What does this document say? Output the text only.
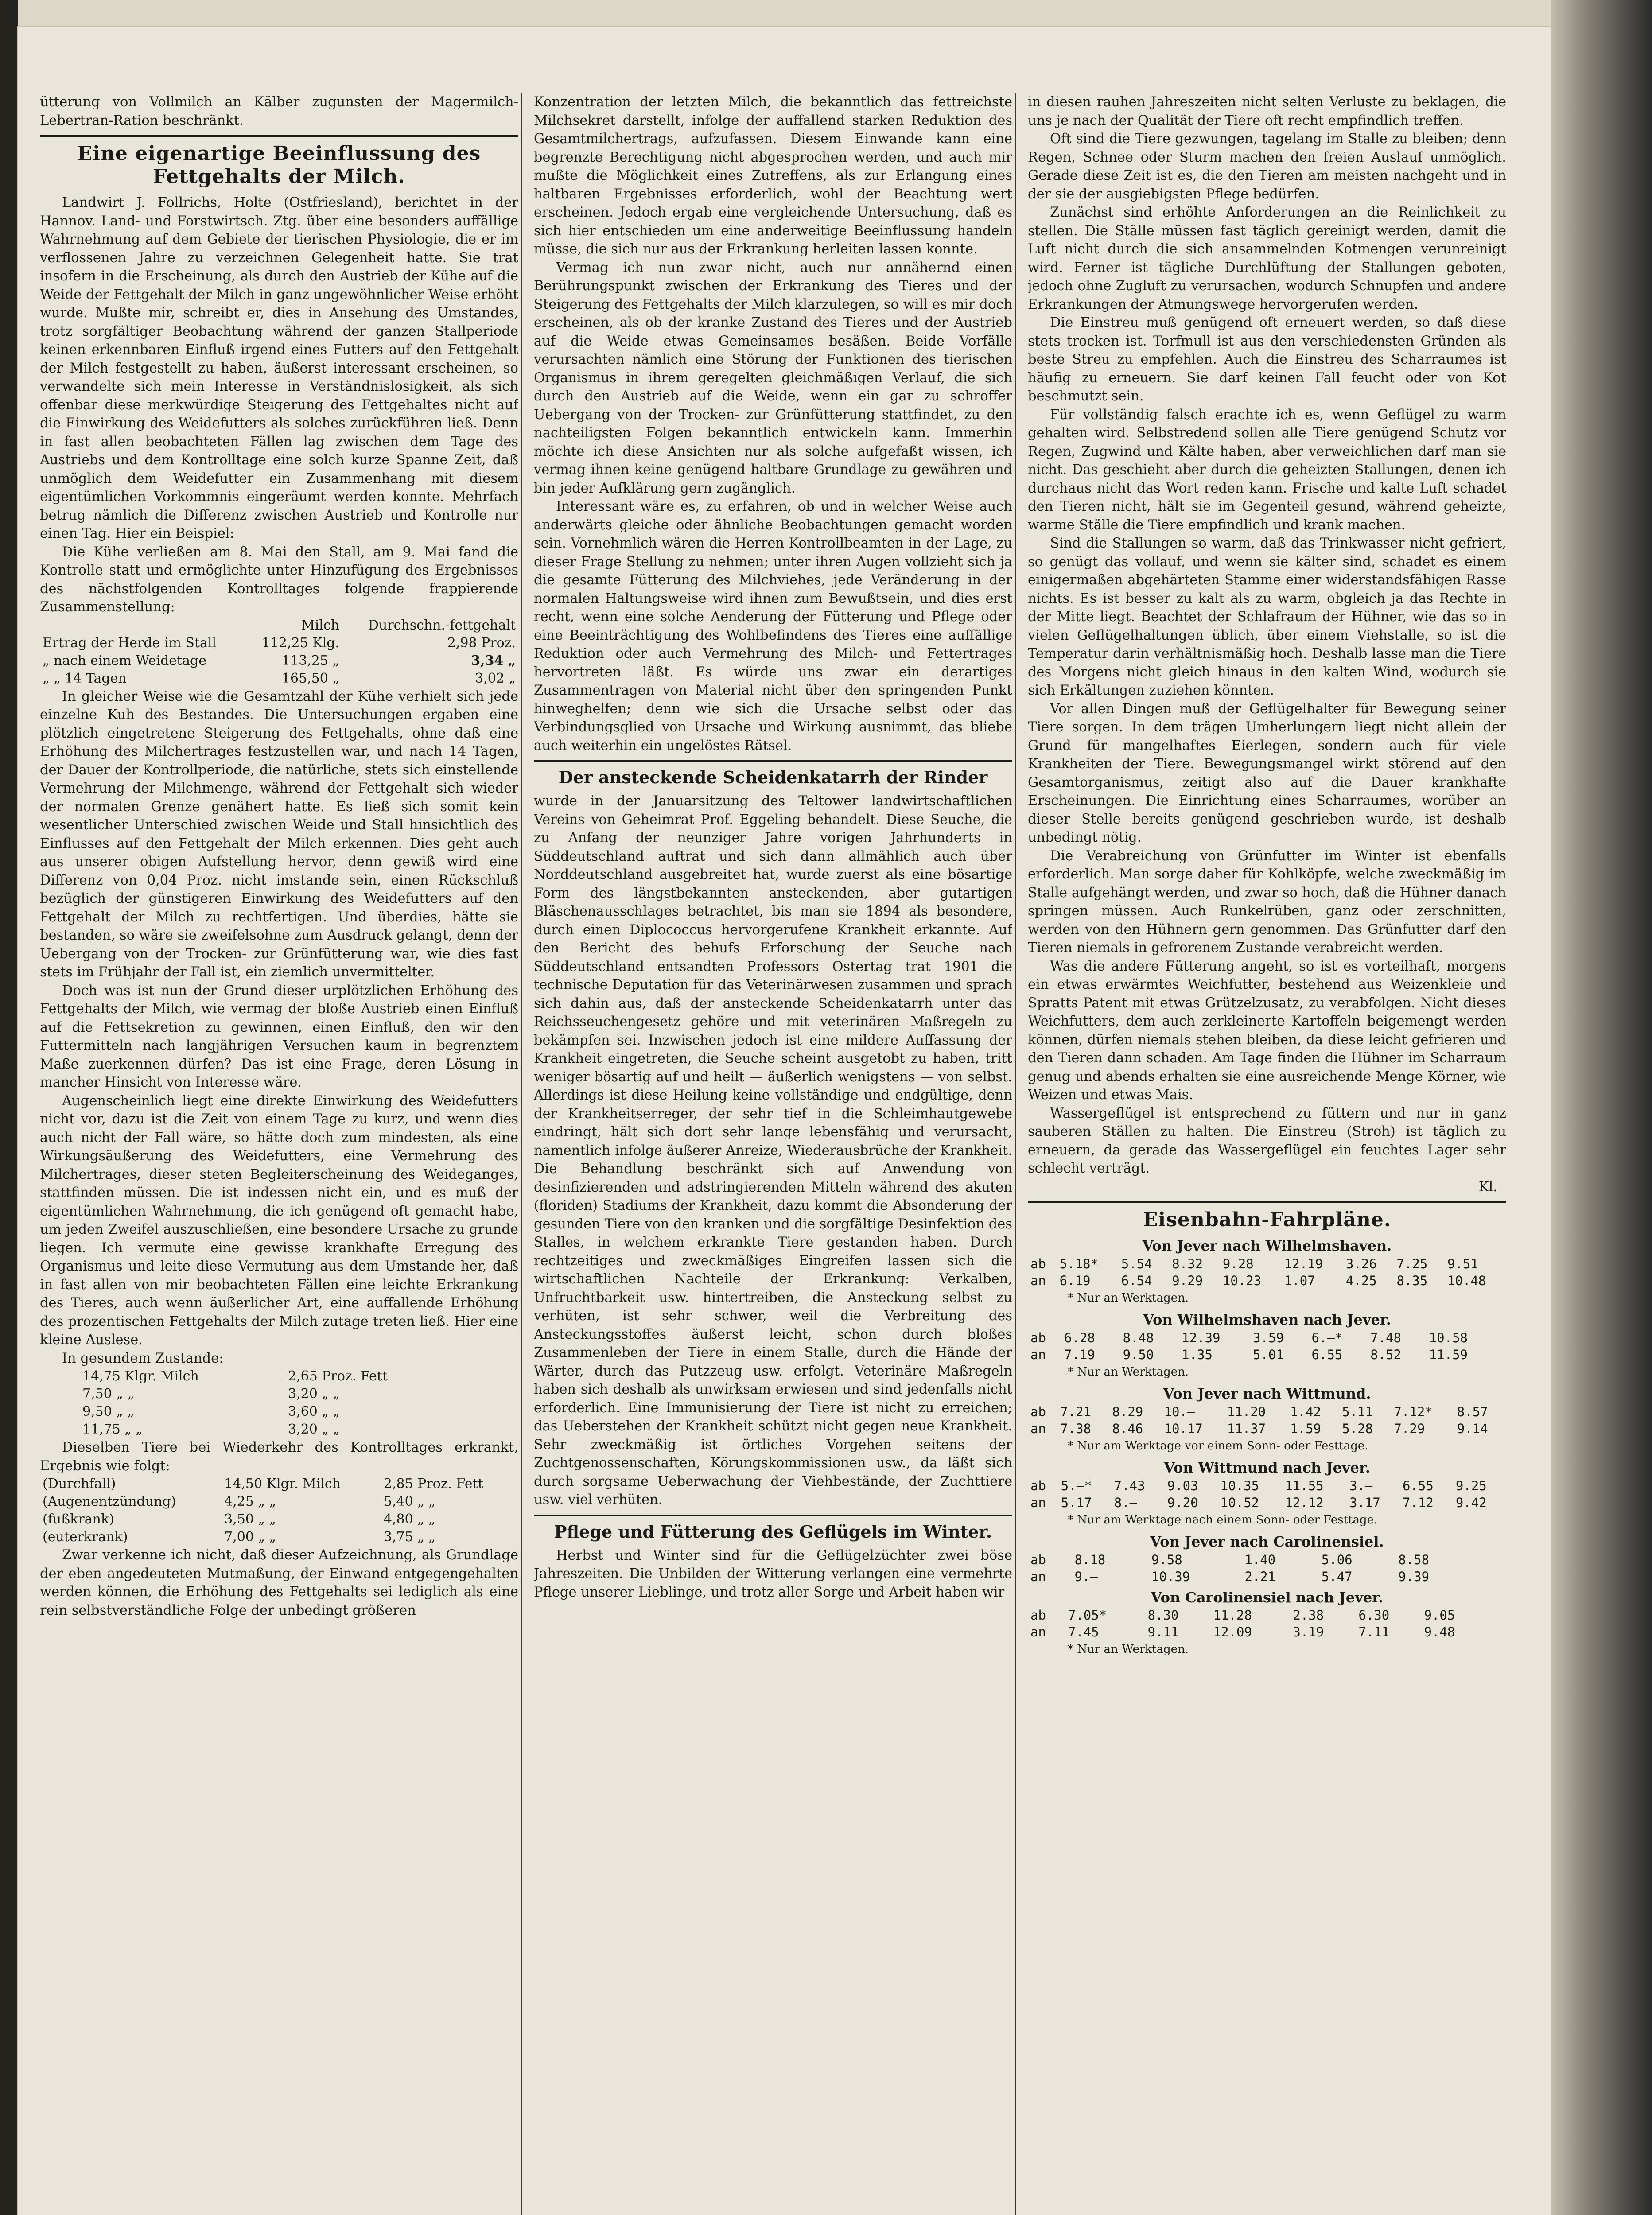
ütterung von Vollmilch an Kälber zugunsten der Magermilch-Lebertran-Ration beschränkt.

Eine eigenartige Beeinflussung des Fettgehalts der Milch.

Landwirt J. Follrichs, Holte (Ostfriesland), berichtet in der Hannov. Land- und Forstwirtsch. Ztg. über eine besonders auffällige Wahrnehmung auf dem Gebiete der tierischen Physiologie, die er im verflossenen Jahre zu verzeichnen Gelegenheit hatte. Sie trat insofern in die Erscheinung, als durch den Austrieb der Kühe auf die Weide der Fettgehalt der Milch in ganz ungewöhnlicher Weise erhöht wurde. Mußte mir, schreibt er, dies in Ansehung des Umstandes, trotz sorgfältiger Beobachtung während der ganzen Stallperiode keinen erkennbaren Einfluß irgend eines Futters auf den Fettgehalt der Milch festgestellt zu haben, äußerst interessant erscheinen, so verwandelte sich mein Interesse in Verständnislosigkeit, als sich offenbar diese merkwürdige Steigerung des Fettgehaltes nicht auf die Einwirkung des Weidefutters als solches zurückführen ließ. Denn in fast allen beobachteten Fällen lag zwischen dem Tage des Austriebs und dem Kontrolltage eine solch kurze Spanne Zeit, daß unmöglich dem Weidefutter ein Zusammenhang mit diesem eigentümlichen Vorkommnis eingeräumt werden konnte. Mehrfach betrug nämlich die Differenz zwischen Austrieb und Kontrolle nur einen Tag. Hier ein Beispiel:

Die Kühe verließen am 8. Mai den Stall, am 9. Mai fand die Kontrolle statt und ermöglichte unter Hinzufügung des Ergebnisses des nächstfolgenden Kontrolltages folgende frappierende Zusammenstellung:

	Milch	Durchschn.-fettgehalt
Ertrag der Herde im Stall	112,25 Klg.	2,98 Proz.
„ nach einem Weidetage	113,25 „	3,34 „
„ „ 14 Tagen	165,50 „	3,02 „

In gleicher Weise wie die Gesamtzahl der Kühe verhielt sich jede einzelne Kuh des Bestandes. Die Untersuchungen ergaben eine plötzlich eingetretene Steigerung des Fettgehalts, ohne daß eine Erhöhung des Milchertrages festzustellen war, und nach 14 Tagen, der Dauer der Kontrollperiode, die natürliche, stets sich einstellende Vermehrung der Milchmenge, während der Fettgehalt sich wieder der normalen Grenze genähert hatte. Es ließ sich somit kein wesentlicher Unterschied zwischen Weide und Stall hinsichtlich des Einflusses auf den Fettgehalt der Milch erkennen. Dies geht auch aus unserer obigen Aufstellung hervor, denn gewiß wird eine Differenz von 0,04 Proz. nicht imstande sein, einen Rückschluß bezüglich der günstigeren Einwirkung des Weidefutters auf den Fettgehalt der Milch zu rechtfertigen. Und überdies, hätte sie bestanden, so wäre sie zweifelsohne zum Ausdruck gelangt, denn der Uebergang von der Trocken- zur Grünfütterung war, wie dies fast stets im Frühjahr der Fall ist, ein ziemlich unvermittelter.

Doch was ist nun der Grund dieser urplötzlichen Erhöhung des Fettgehalts der Milch, wie vermag der bloße Austrieb einen Einfluß auf die Fettsekretion zu gewinnen, einen Einfluß, den wir den Futtermitteln nach langjährigen Versuchen kaum in begrenztem Maße zuerkennen dürfen? Das ist eine Frage, deren Lösung in mancher Hinsicht von Interesse wäre.

Augenscheinlich liegt eine direkte Einwirkung des Weidefutters nicht vor, dazu ist die Zeit von einem Tage zu kurz, und wenn dies auch nicht der Fall wäre, so hätte doch zum mindesten, als eine Wirkungsäußerung des Weidefutters, eine Vermehrung des Milchertrages, dieser steten Begleiterscheinung des Weideganges, stattfinden müssen. Die ist indessen nicht ein, und es muß der eigentümlichen Wahrnehmung, die ich genügend oft gemacht habe, um jeden Zweifel auszuschließen, eine besondere Ursache zu grunde liegen. Ich vermute eine gewisse krankhafte Erregung des Organismus und leite diese Vermutung aus dem Umstande her, daß in fast allen von mir beobachteten Fällen eine leichte Erkrankung des Tieres, auch wenn äußerlicher Art, eine auffallende Erhöhung des prozentischen Fettgehalts der Milch zutage treten ließ. Hier eine kleine Auslese.

In gesundem Zustande:

14,75 Klgr. Milch	2,65 Proz. Fett
7,50 „ „	3,20 „ „
9,50 „ „	3,60 „ „
11,75 „ „	3,20 „ „

Dieselben Tiere bei Wiederkehr des Kontrolltages erkrankt, Ergebnis wie folgt:

(Durchfall)	14,50 Klgr. Milch	2,85 Proz. Fett
(Augenentzündung)	4,25 „ „	5,40 „ „
(fußkrank)	3,50 „ „	4,80 „ „
(euterkrank)	7,00 „ „	3,75 „ „

Zwar verkenne ich nicht, daß dieser Aufzeichnung, als Grundlage der eben angedeuteten Mutmaßung, der Einwand entgegengehalten werden können, die Erhöhung des Fettgehalts sei lediglich als eine rein selbstverständliche Folge der unbedingt größeren

Konzentration der letzten Milch, die bekanntlich das fettreichste Milchsekret darstellt, infolge der auffallend starken Reduktion des Gesamtmilchertrags, aufzufassen. Diesem Einwande kann eine begrenzte Berechtigung nicht abgesprochen werden, und auch mir mußte die Möglichkeit eines Zutreffens, als zur Erlangung eines haltbaren Ergebnisses erforderlich, wohl der Beachtung wert erscheinen. Jedoch ergab eine vergleichende Untersuchung, daß es sich hier entschieden um eine anderweitige Beeinflussung handeln müsse, die sich nur aus der Erkrankung herleiten lassen konnte.

Vermag ich nun zwar nicht, auch nur annähernd einen Berührungspunkt zwischen der Erkrankung des Tieres und der Steigerung des Fettgehalts der Milch klarzulegen, so will es mir doch erscheinen, als ob der kranke Zustand des Tieres und der Austrieb auf die Weide etwas Gemeinsames besäßen. Beide Vorfälle verursachten nämlich eine Störung der Funktionen des tierischen Organismus in ihrem geregelten gleichmäßigen Verlauf, die sich durch den Austrieb auf die Weide, wenn ein gar zu schroffer Uebergang von der Trocken- zur Grünfütterung stattfindet, zu den nachteiligsten Folgen bekanntlich entwickeln kann. Immerhin möchte ich diese Ansichten nur als solche aufgefaßt wissen, ich vermag ihnen keine genügend haltbare Grundlage zu gewähren und bin jeder Aufklärung gern zugänglich.

Interessant wäre es, zu erfahren, ob und in welcher Weise auch anderwärts gleiche oder ähnliche Beobachtungen gemacht worden sein. Vornehmlich wären die Herren Kontrollbeamten in der Lage, zu dieser Frage Stellung zu nehmen; unter ihren Augen vollzieht sich ja die gesamte Fütterung des Milchviehes, jede Veränderung in der normalen Haltungsweise wird ihnen zum Bewußtsein, und dies erst recht, wenn eine solche Aenderung der Fütterung und Pflege oder eine Beeinträchtigung des Wohlbefindens des Tieres eine auffällige Reduktion oder auch Vermehrung des Milch- und Fettertrages hervortreten läßt. Es würde uns zwar ein derartiges Zusammentragen von Material nicht über den springenden Punkt hinweghelfen; denn wie sich die Ursache selbst oder das Verbindungsglied von Ursache und Wirkung ausnimmt, das bliebe auch weiterhin ein ungelöstes Rätsel.

Der ansteckende Scheidenkatarrh der Rinder

wurde in der Januarsitzung des Teltower landwirtschaftlichen Vereins von Geheimrat Prof. Eggeling behandelt. Diese Seuche, die zu Anfang der neunziger Jahre vorigen Jahrhunderts in Süddeutschland auftrat und sich dann allmählich auch über Norddeutschland ausgebreitet hat, wurde zuerst als eine bösartige Form des längstbekannten ansteckenden, aber gutartigen Bläschenausschlages betrachtet, bis man sie 1894 als besondere, durch einen Diplococcus hervorgerufene Krankheit erkannte. Auf den Bericht des behufs Erforschung der Seuche nach Süddeutschland entsandten Professors Ostertag trat 1901 die technische Deputation für das Veterinärwesen zusammen und sprach sich dahin aus, daß der ansteckende Scheidenkatarrh unter das Reichsseuchengesetz gehöre und mit veterinären Maßregeln zu bekämpfen sei. Inzwischen jedoch ist eine mildere Auffassung der Krankheit eingetreten, die Seuche scheint ausgetobt zu haben, tritt weniger bösartig auf und heilt — äußerlich wenigstens — von selbst. Allerdings ist diese Heilung keine vollständige und endgültige, denn der Krankheitserreger, der sehr tief in die Schleimhautgewebe eindringt, hält sich dort sehr lange lebensfähig und verursacht, namentlich infolge äußerer Anreize, Wiederausbrüche der Krankheit. Die Behandlung beschränkt sich auf Anwendung von desinfizierenden und adstringierenden Mitteln während des akuten (floriden) Stadiums der Krankheit, dazu kommt die Absonderung der gesunden Tiere von den kranken und die sorgfältige Desinfektion des Stalles, in welchem erkrankte Tiere gestanden haben. Durch rechtzeitiges und zweckmäßiges Eingreifen lassen sich die wirtschaftlichen Nachteile der Erkrankung: Verkalben, Unfruchtbarkeit usw. hintertreiben, die Ansteckung selbst zu verhüten, ist sehr schwer, weil die Verbreitung des Ansteckungsstoffes äußerst leicht, schon durch bloßes Zusammenleben der Tiere in einem Stalle, durch die Hände der Wärter, durch das Putzzeug usw. erfolgt. Veterinäre Maßregeln haben sich deshalb als unwirksam erwiesen und sind jedenfalls nicht erforderlich. Eine Immunisierung der Tiere ist nicht zu erreichen; das Ueberstehen der Krankheit schützt nicht gegen neue Krankheit. Sehr zweckmäßig ist örtliches Vorgehen seitens der Zuchtgenossenschaften, Körungskommissionen usw., da läßt sich durch sorgsame Ueberwachung der Viehbestände, der Zuchttiere usw. viel verhüten.

Pflege und Fütterung des Geflügels im Winter.

Herbst und Winter sind für die Geflügelzüchter zwei böse Jahreszeiten. Die Unbilden der Witterung verlangen eine vermehrte Pflege unserer Lieblinge, und trotz aller Sorge und Arbeit haben wir

in diesen rauhen Jahreszeiten nicht selten Verluste zu beklagen, die uns je nach der Qualität der Tiere oft recht empfindlich treffen.

Oft sind die Tiere gezwungen, tagelang im Stalle zu bleiben; denn Regen, Schnee oder Sturm machen den freien Auslauf unmöglich. Gerade diese Zeit ist es, die den Tieren am meisten nachgeht und in der sie der ausgiebigsten Pflege bedürfen.

Zunächst sind erhöhte Anforderungen an die Reinlichkeit zu stellen. Die Ställe müssen fast täglich gereinigt werden, damit die Luft nicht durch die sich ansammelnden Kotmengen verunreinigt wird. Ferner ist tägliche Durchlüftung der Stallungen geboten, jedoch ohne Zugluft zu verursachen, wodurch Schnupfen und andere Erkrankungen der Atmungswege hervorgerufen werden.

Die Einstreu muß genügend oft erneuert werden, so daß diese stets trocken ist. Torfmull ist aus den verschiedensten Gründen als beste Streu zu empfehlen. Auch die Einstreu des Scharraumes ist häufig zu erneuern. Sie darf keinen Fall feucht oder von Kot beschmutzt sein.

Für vollständig falsch erachte ich es, wenn Geflügel zu warm gehalten wird. Selbstredend sollen alle Tiere genügend Schutz vor Regen, Zugwind und Kälte haben, aber verweichlichen darf man sie nicht. Das geschieht aber durch die geheizten Stallungen, denen ich durchaus nicht das Wort reden kann. Frische und kalte Luft schadet den Tieren nicht, hält sie im Gegenteil gesund, während geheizte, warme Ställe die Tiere empfindlich und krank machen.

Sind die Stallungen so warm, daß das Trinkwasser nicht gefriert, so genügt das vollauf, und wenn sie kälter sind, schadet es einem einigermaßen abgehärteten Stamme einer widerstandsfähigen Rasse nichts. Es ist besser zu kalt als zu warm, obgleich ja das Rechte in der Mitte liegt. Beachtet der Schlafraum der Hühner, wie das so in vielen Geflügelhaltungen üblich, über einem Viehstalle, so ist die Temperatur darin verhältnismäßig hoch. Deshalb lasse man die Tiere des Morgens nicht gleich hinaus in den kalten Wind, wodurch sie sich Erkältungen zuziehen könnten.

Vor allen Dingen muß der Geflügelhalter für Bewegung seiner Tiere sorgen. In dem trägen Umherlungern liegt nicht allein der Grund für mangelhaftes Eierlegen, sondern auch für viele Krankheiten der Tiere. Bewegungsmangel wirkt störend auf den Gesamtorganismus, zeitigt also auf die Dauer krankhafte Erscheinungen. Die Einrichtung eines Scharraumes, worüber an dieser Stelle bereits genügend geschrieben wurde, ist deshalb unbedingt nötig.

Die Verabreichung von Grünfutter im Winter ist ebenfalls erforderlich. Man sorge daher für Kohlköpfe, welche zweckmäßig im Stalle aufgehängt werden, und zwar so hoch, daß die Hühner danach springen müssen. Auch Runkelrüben, ganz oder zerschnitten, werden von den Hühnern gern genommen. Das Grünfutter darf den Tieren niemals in gefrorenem Zustande verabreicht werden.

Was die andere Fütterung angeht, so ist es vorteilhaft, morgens ein etwas erwärmtes Weichfutter, bestehend aus Weizenkleie und Spratts Patent mit etwas Grützelzusatz, zu verabfolgen. Nicht dieses Weichfutters, dem auch zerkleinerte Kartoffeln beigemengt werden können, dürfen niemals stehen bleiben, da diese leicht gefrieren und den Tieren dann schaden. Am Tage finden die Hühner im Scharraum genug und abends erhalten sie eine ausreichende Menge Körner, wie Weizen und etwas Mais.

Wassergeflügel ist entsprechend zu füttern und nur in ganz sauberen Ställen zu halten. Die Einstreu (Stroh) ist täglich zu erneuern, da gerade das Wassergeflügel ein feuchtes Lager sehr schlecht verträgt.

Kl.
Eisenbahn-Fahrpläne.
Von Jever nach Wilhelmshaven.
ab	5.18*	5.54	8.32	9.28	12.19	3.26	7.25	9.51
an	6.19	6.54	9.29	10.23	1.07	4.25	8.35	10.48
* Nur an Werktagen.
Von Wilhelmshaven nach Jever.
ab	6.28	8.48	12.39	3.59	6.—*	7.48	10.58	
an	7.19	9.50	1.35	5.01	6.55	8.52	11.59	
* Nur an Werktagen.
Von Jever nach Wittmund.
ab	7.21	8.29	10.—	11.20	1.42	5.11	7.12*	8.57
an	7.38	8.46	10.17	11.37	1.59	5.28	7.29	9.14
* Nur am Werktage vor einem Sonn- oder Festtage.
Von Wittmund nach Jever.
ab	5.—*	7.43	9.03	10.35	11.55	3.—	6.55	9.25
an	5.17	8.—	9.20	10.52	12.12	3.17	7.12	9.42
* Nur am Werktage nach einem Sonn- oder Festtage.
Von Jever nach Carolinensiel.
ab	8.18	9.58	1.40	5.06	8.58			
an	9.—	10.39	2.21	5.47	9.39			
Von Carolinensiel nach Jever.
ab	7.05*	8.30	11.28	2.38	6.30	9.05		
an	7.45	9.11	12.09	3.19	7.11	9.48		
* Nur an Werktagen.
